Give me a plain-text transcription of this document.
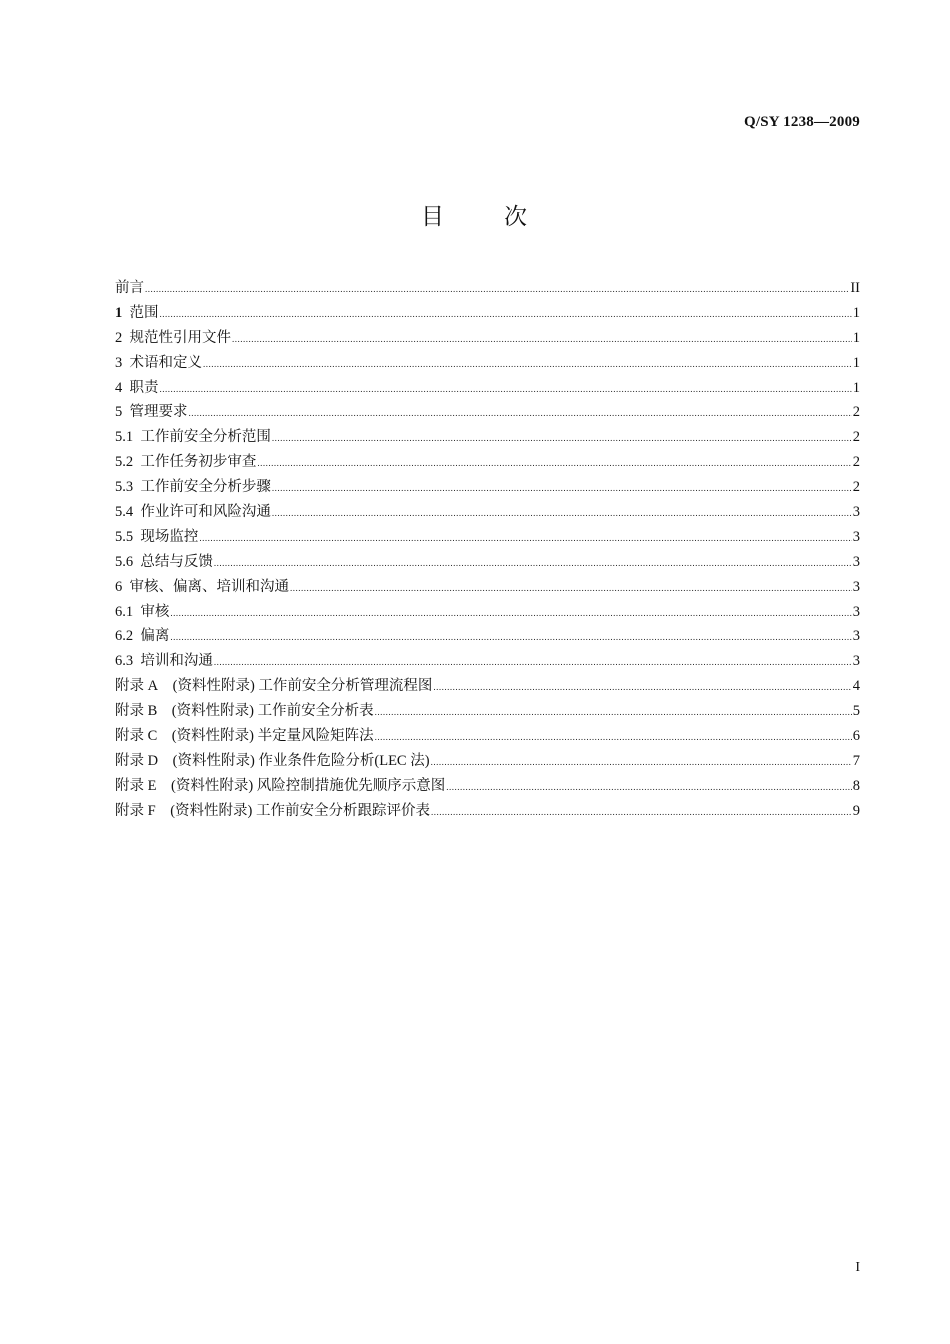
Q/SY 1238—2009
目	次
前言 .....	II
1 范围 .....	1
2 规范性引用文件 .....	1
3 术语和定义 .....	1
4 职责 .....	1
5 管理要求 .....	2
5.1 工作前安全分析范围 .....	2
5.2 工作任务初步审查 .....	2
5.3 工作前安全分析步骤 .....	2
5.4 作业许可和风险沟通 .....	3
5.5 现场监控 .....	3
5.6 总结与反馈 .....	3
6 审核、偏离、培训和沟通 .....	3
6.1 审核 .....	3
6.2 偏离 .....	3
6.3 培训和沟通 .....	3
附录 A    (资料性附录) 工作前安全分析管理流程图 .....	4
附录 B    (资料性附录) 工作前安全分析表 .....	5
附录 C    (资料性附录) 半定量风险矩阵法 .....	6
附录 D    (资料性附录) 作业条件危险分析(LEC 法) .....	7
附录 E    (资料性附录) 风险控制措施优先顺序示意图 .....	8
附录 F    (资料性附录) 工作前安全分析跟踪评价表 .....	9
I
